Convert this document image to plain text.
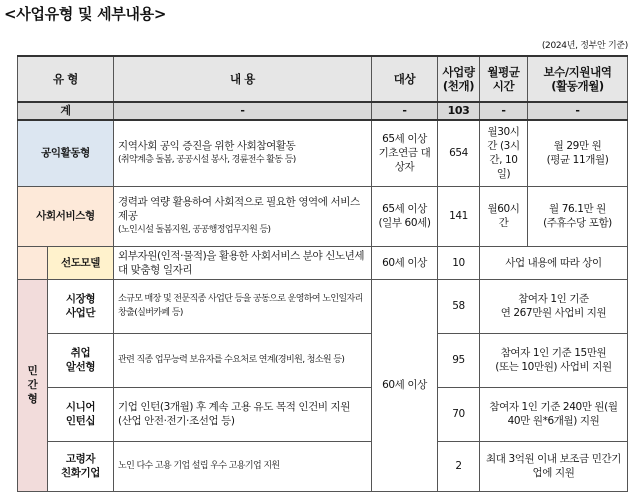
<사업유형 및 세부내용>
(2024년, 정부안 기준)
유 형		내 용	대상	사업량
(천개)	월평균
시간	보수/지원내역
(활동개월)

계		-	-	103	-	-
공익활동형		지역사회 공익 증진을 위한 사회참여활동
(취약계층 돌봄, 공공시설 봉사, 경륜전수 활동 등)	65세 이상 기초연금 대상자	654	월30시간 (3시간, 10일)	월 29만 원
(평균 11개월)

사회서비스형		경력과 역량 활용하여 사회적으로 필요한 영역에 서비스 제공
(노인시설 돌봄지원, 공공행정업무지원 등)	65세 이상 (일부 60세)	141	월60시간	월 76.1만 원
(주휴수당 포함)

	선도모델	외부자원(인적·물적)을 활용한 사회서비스 분야 신노년세대 맞춤형 일자리	60세 이상	10	사업 내용에 따라 상이	

민
간
형	시장형
사업단	소규모 매장 및 전문직종 사업단 등을 공동으로 운영하여 노인일자리 창출(실버카페 등)	60세 이상	58	참여자 1인 기준
연 267만원 사업비 지원	

	취업
알선형	관련 직종 업무능력 보유자를 수요처로 연계(경비원, 청소원 등)		95	참여자 1인 기준 15만원
(또는 10만원) 사업비 지원	

	시니어
인턴십	기업 인턴(3개월) 후 계속 고용 유도 목적 인건비 지원
(산업 안전·전기·조선업 등)		70	참여자 1인 기준 240만 원(월 40만 원*6개월) 지원	

	고령자
친화기업	노인 다수 고용 기업 설립 우수 고용기업 지원		2	최대 3억원 이내 보조금 민간기업에 지원	
